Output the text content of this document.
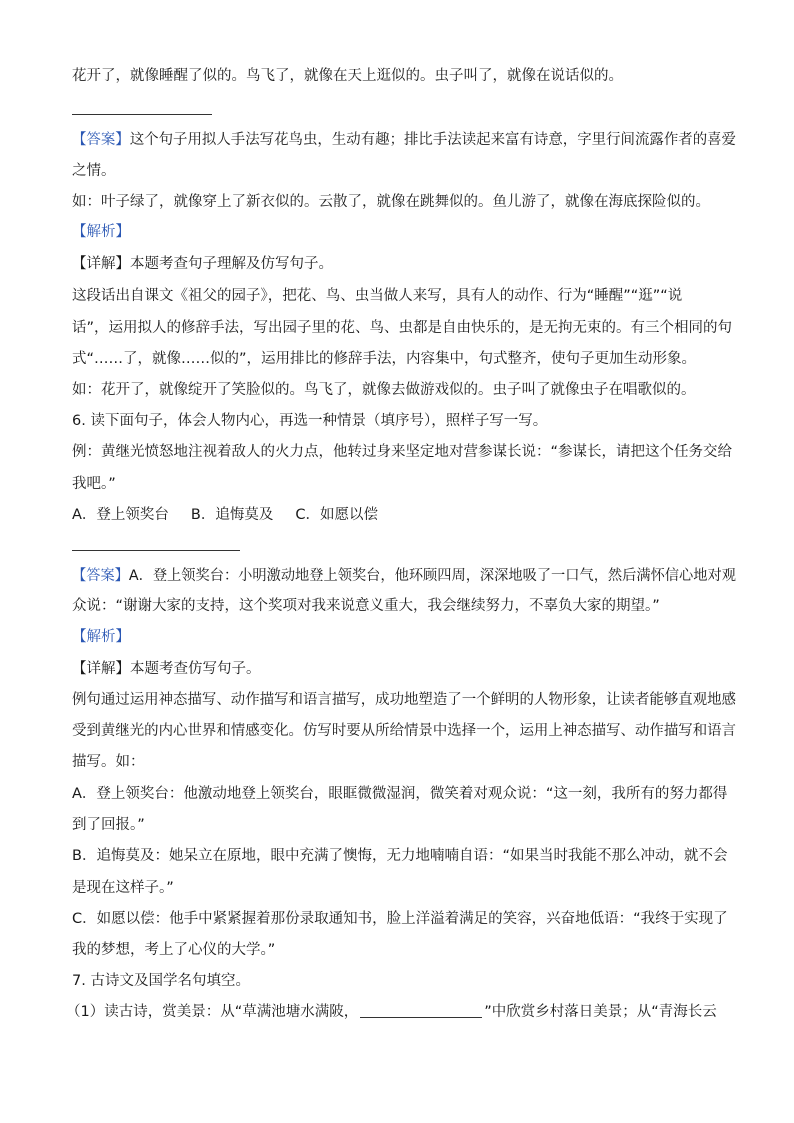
花开了，就像睡醒了似的。鸟飞了，就像在天上逛似的。虫子叫了，就像在说话似的。
【答案】这个句子用拟人手法写花鸟虫，生动有趣；排比手法读起来富有诗意，字里行间流露作者的喜爱
之情。
如：叶子绿了，就像穿上了新衣似的。云散了，就像在跳舞似的。鱼儿游了，就像在海底探险似的。
【解析】
【详解】本题考查句子理解及仿写句子。
这段话出自课文《祖父的园子》，把花、鸟、虫当做人来写，具有人的动作、行为“睡醒”“逛”“说
话”，运用拟人的修辞手法，写出园子里的花、鸟、虫都是自由快乐的，是无拘无束的。有三个相同的句
式“……了，就像……似的”，运用排比的修辞手法，内容集中，句式整齐，使句子更加生动形象。
如：花开了，就像绽开了笑脸似的。鸟飞了，就像去做游戏似的。虫子叫了就像虫子在唱歌似的。
6. 读下面句子，体会人物内心，再选一种情景（填序号），照样子写一写。
例：黄继光愤怒地注视着敌人的火力点，他转过身来坚定地对营参谋长说：“参谋长，请把这个任务交给
我吧。”
A．登上领奖台 B．追悔莫及 C．如愿以偿
【答案】A．登上领奖台：小明激动地登上领奖台，他环顾四周，深深地吸了一口气，然后满怀信心地对观
众说：“谢谢大家的支持，这个奖项对我来说意义重大，我会继续努力，不辜负大家的期望。”
【解析】
【详解】本题考查仿写句子。
例句通过运用神态描写、动作描写和语言描写，成功地塑造了一个鲜明的人物形象，让读者能够直观地感
受到黄继光的内心世界和情感变化。仿写时要从所给情景中选择一个，运用上神态描写、动作描写和语言
描写。如：
A．登上领奖台：他激动地登上领奖台，眼眶微微湿润，微笑着对观众说：“这一刻，我所有的努力都得
到了回报。”
B．追悔莫及：她呆立在原地，眼中充满了懊悔，无力地喃喃自语：“如果当时我能不那么冲动，就不会
是现在这样子。”
C．如愿以偿：他手中紧紧握着那份录取通知书，脸上洋溢着满足的笑容，兴奋地低语：“我终于实现了
我的梦想，考上了心仪的大学。”
7. 古诗文及国学名句填空。
（1）读古诗，赏美景：从“草满池塘水满陂，	”中欣赏乡村落日美景；从“青海长云
